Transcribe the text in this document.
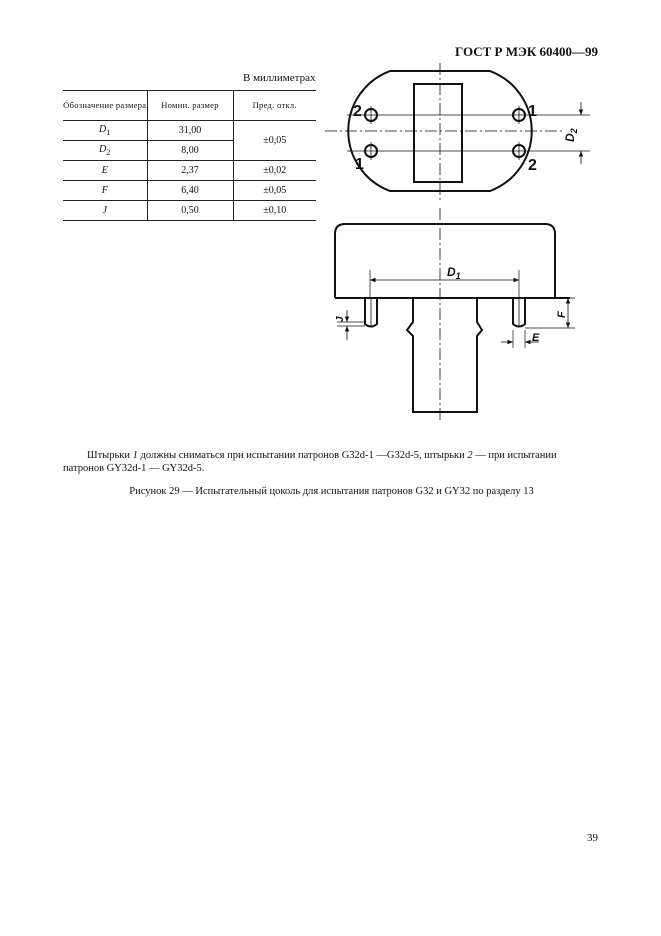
ГОСТ Р МЭК 60400—99
В миллиметрах
Обозначение размера	Номин. размер	Пред. откл.
$D_1$	31,00	±0,05
$D_2$	8,00	
E	2,37	±0,02
F	6,40	±0,05
J	0,50	±0,10
2	1
1	2
$D_2$
$D_1$
F
E
J

Штырьки 1 должны сниматься при испытании патронов G32d-1 —G32d-5, штырьки 2 — при испытании патронов GY32d-1 — GY32d-5.

Рисунок 29 — Испытательный цоколь для испытания патронов G32 и GY32 по разделу 13
39
